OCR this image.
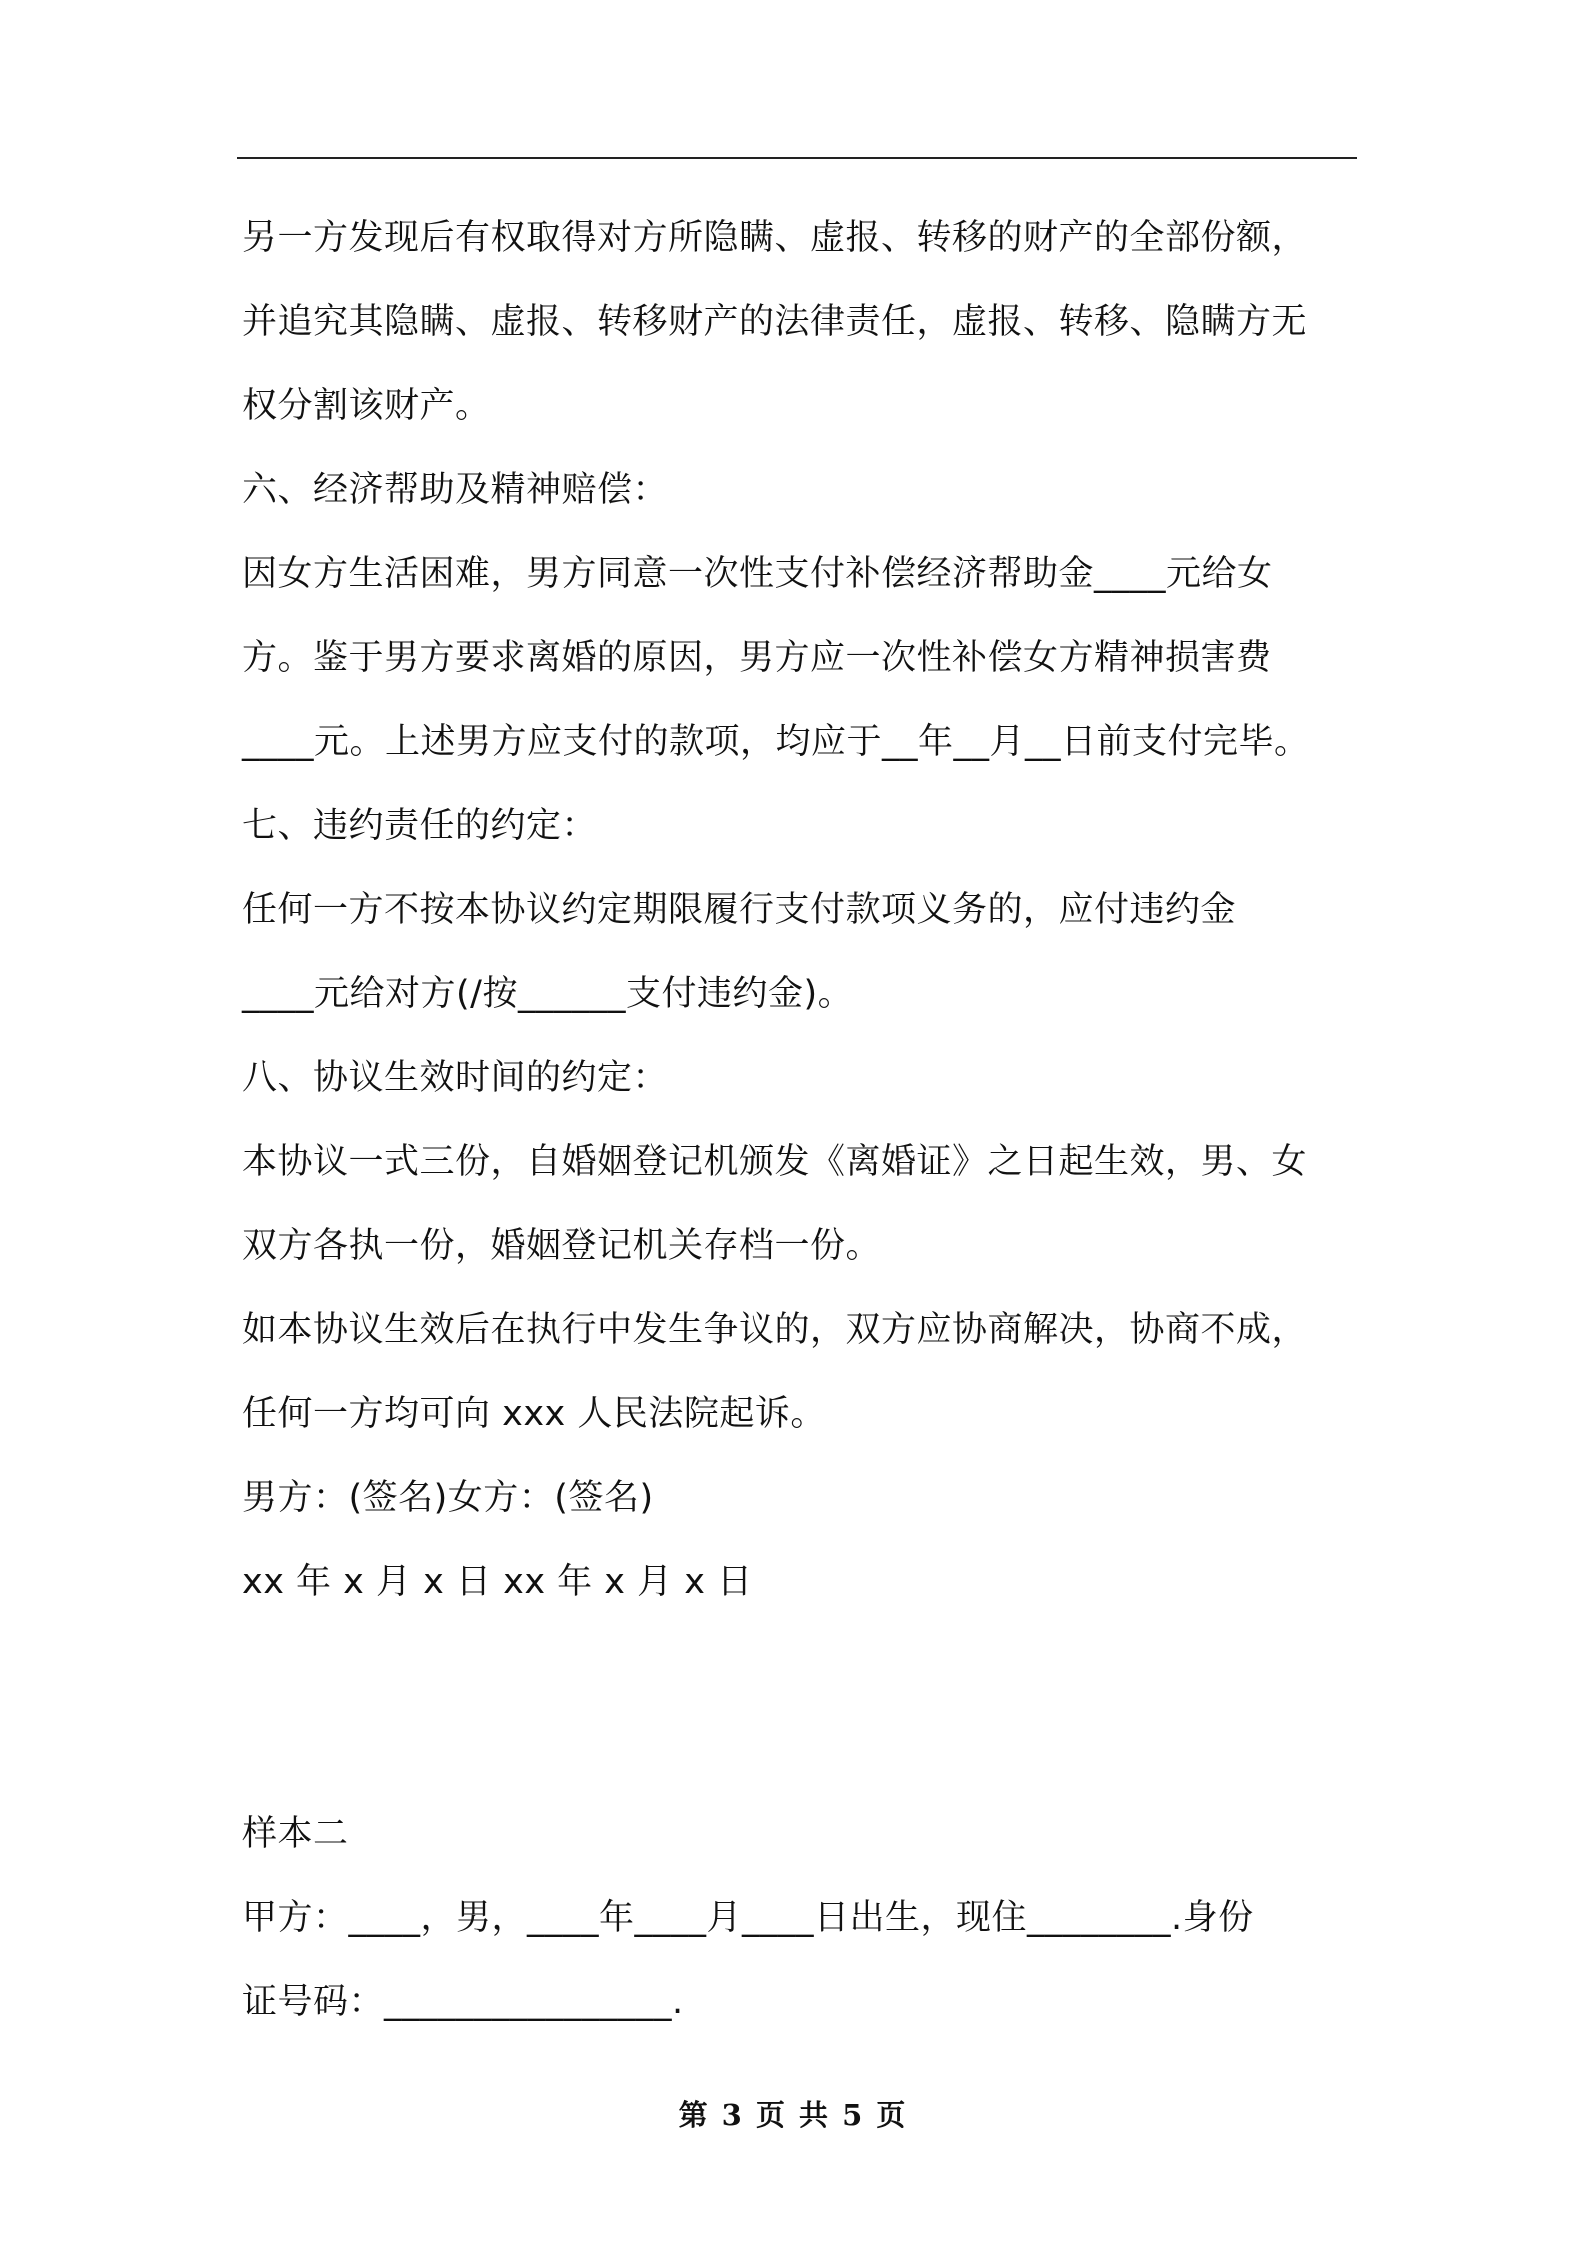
另一方发现后有权取得对方所隐瞒、虚报、转移的财产的全部份额，
并追究其隐瞒、虚报、转移财产的法律责任，虚报、转移、隐瞒方无
权分割该财产。
六、经济帮助及精神赔偿：
因女方生活困难，男方同意一次性支付补偿经济帮助金____元给女
方。鉴于男方要求离婚的原因，男方应一次性补偿女方精神损害费
____元。上述男方应支付的款项，均应于__年__月__日前支付完毕。
七、违约责任的约定：
任何一方不按本协议约定期限履行支付款项义务的，应付违约金
____元给对方(/按______支付违约金)。
八、协议生效时间的约定：
本协议一式三份，自婚姻登记机颁发《离婚证》之日起生效，男、女
双方各执一份，婚姻登记机关存档一份。
如本协议生效后在执行中发生争议的，双方应协商解决，协商不成，
任何一方均可向 xxx 人民法院起诉。
男方：(签名)女方：(签名)
xx 年 x 月 x 日 xx 年 x 月 x 日
样本二
甲方：____，男，____年____月____日出生，现住________.身份
证号码：________________.
第 3 页 共 5 页
